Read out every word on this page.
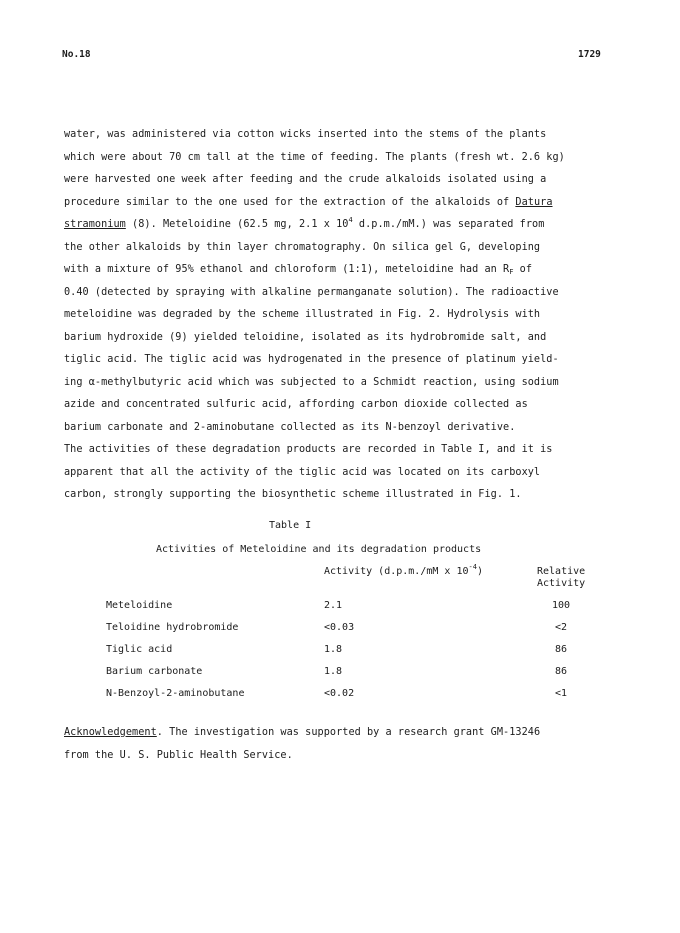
No.18	1729
water, was administered via cotton wicks inserted into the stems of the plants
which were about 70 cm tall at the time of feeding. The plants (fresh wt. 2.6 kg)
were harvested one week after feeding and the crude alkaloids isolated using a
procedure similar to the one used for the extraction of the alkaloids of Datura
stramonium (8). Meteloidine (62.5 mg, 2.1 x $10^4$ d.p.m./mM.) was separated from
the other alkaloids by thin layer chromatography. On silica gel G, developing
with a mixture of 95% ethanol and chloroform (1:1), meteloidine had an $R_F$ of
0.40 (detected by spraying with alkaline permanganate solution). The radioactive
meteloidine was degraded by the scheme illustrated in Fig. 2. Hydrolysis with
barium hydroxide (9) yielded teloidine, isolated as its hydrobromide salt, and
tiglic acid. The tiglic acid was hydrogenated in the presence of platinum yield-
ing α-methylbutyric acid which was subjected to a Schmidt reaction, using sodium
azide and concentrated sulfuric acid, affording carbon dioxide collected as
barium carbonate and 2-aminobutane collected as its N-benzoyl derivative.
The activities of these degradation products are recorded in Table I, and it is
apparent that all the activity of the tiglic acid was located on its carboxyl
carbon, strongly supporting the biosynthetic scheme illustrated in Fig. 1.
Table I
Activities of Meteloidine and its degradation products
Activity (d.p.m./mM x $10^{-4}$)	Relative
Activity
Meteloidine	2.1	100
Teloidine hydrobromide	<0.03	<2
Tiglic acid	1.8	86
Barium carbonate	1.8	86
N-Benzoyl-2-aminobutane	<0.02	<1
Acknowledgement. The investigation was supported by a research grant GM-13246
from the U. S. Public Health Service.
